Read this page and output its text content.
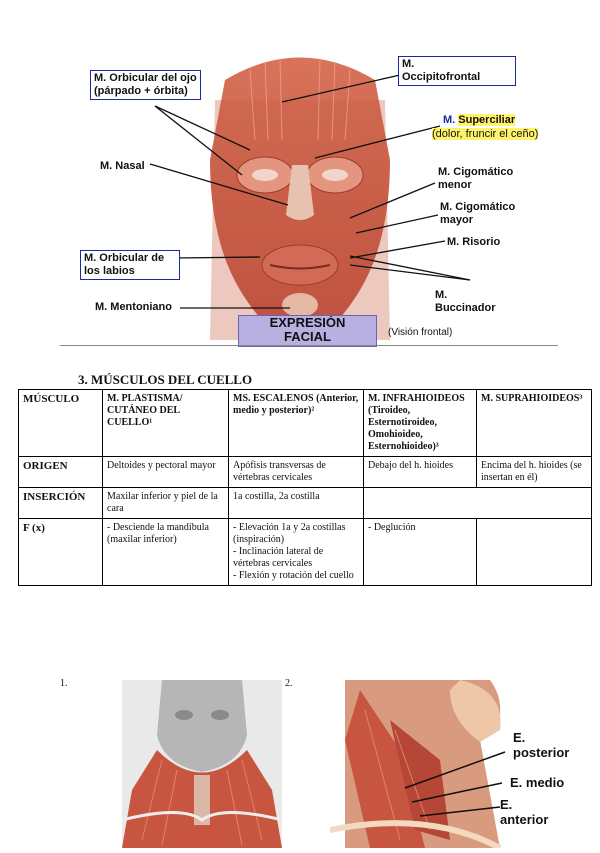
M. Orbicular del ojo
(párpado + órbita)
M.
Occipitofrontal
M. Superciliar
(dolor, fruncir el ceño)
M. Nasal	M. Cigomático
menor
M. Cigomático
mayor
M. Risorio
M. Orbicular de
los labios
M. Mentoniano
M.
Buccinador
EXPRESIÓN
FACIAL	(Visión frontal)
3. MÚSCULOS DEL CUELLO
MÚSCULO	M. PLASTISMA/ CUTÁNEO DEL CUELLO¹	MS. ESCALENOS (Anterior, medio y posterior)²	M. INFRAHIOIDEOS (Tiroideo, Esternotiroideo, Omohioideo, Esternohioideo)³	M. SUPRAHIOIDEOS³
ORIGEN	Deltoides y pectoral mayor	Apófisis transversas de vértebras cervicales	Debajo del h. hioides	Encima del h. hioides (se insertan en él)
INSERCIÓN	Maxilar inferior y piel de la cara	1a costilla, 2a costilla		
F (x)	- Desciende la mandíbula (maxilar inferior)	- Elevación 1a y 2a costillas (inspiración)
- Inclinación lateral de vértebras cervicales
- Flexión y rotación del cuello	- Deglución	
1.	2.
E. posterior
E. medio
E. anterior
